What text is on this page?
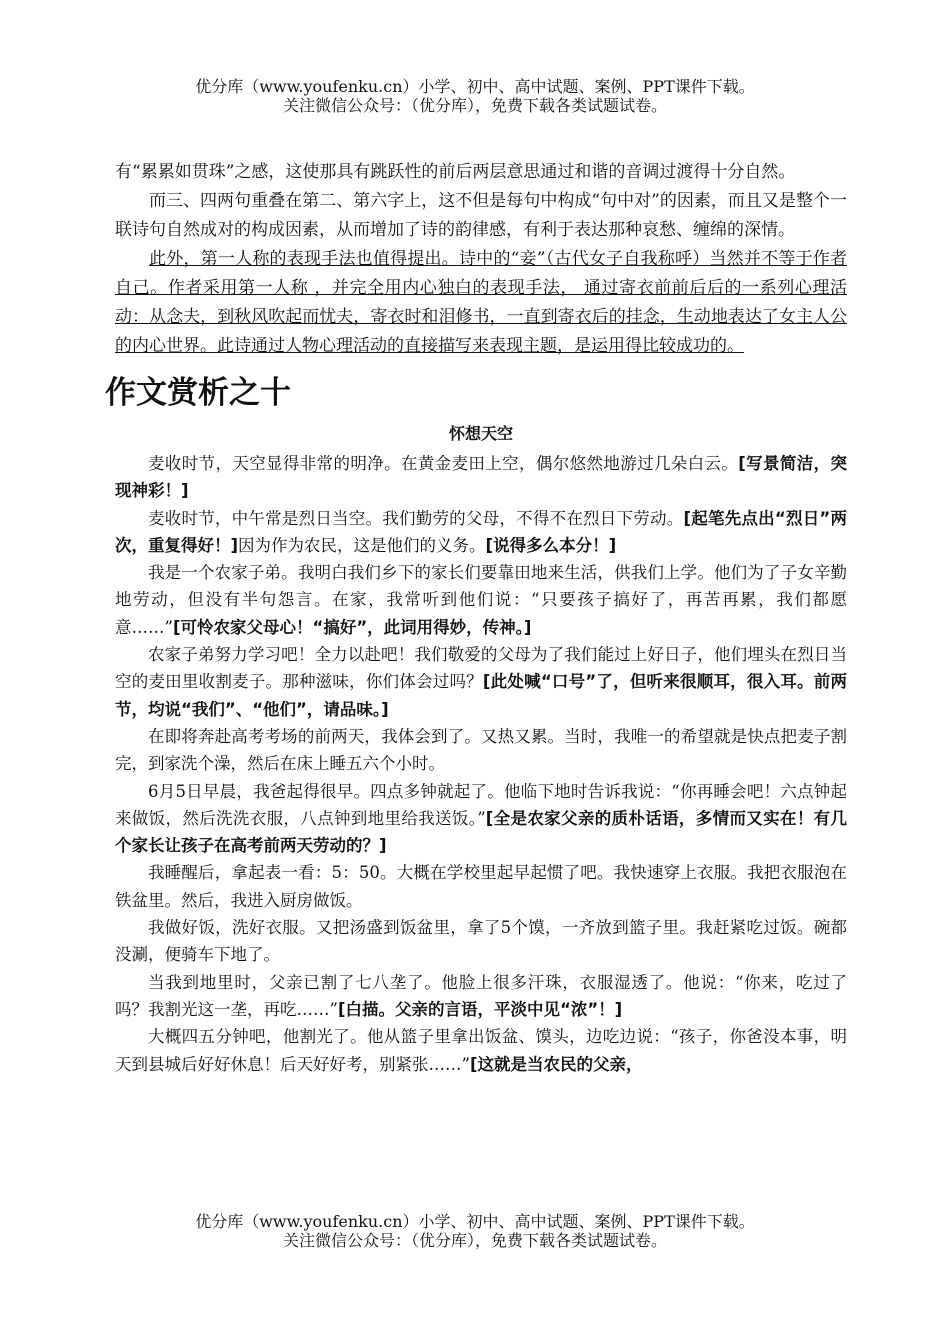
优分库（www.youfenku.cn）小学、初中、高中试题、案例、PPT课件下载。
关注微信公众号：（优分库），免费下载各类试题试卷。

有“累累如贯珠”之感，这使那具有跳跃性的前后两层意思通过和谐的音调过渡得十分自然。

而三、四两句重叠在第二、第六字上，这不但是每句中构成“句中对”的因素，而且又是整个一联诗句自然成对的构成因素，从而增加了诗的韵律感，有利于表达那种哀愁、缠绵的深情。

此外，第一人称的表现手法也值得提出。诗中的“妾”（古代女子自我称呼）当然并不等于作者自己。作者采用第一人称 ，并完全用内心独白的表现手法， 通过寄衣前前后后的一系列心理活动：从念夫，到秋风吹起而忧夫，寄衣时和泪修书，一直到寄衣后的挂念，生动地表达了女主人公的内心世界。此诗通过人物心理活动的直接描写来表现主题，是运用得比较成功的。

作文赏析之十
怀想天空

麦收时节，天空显得非常的明净。在黄金麦田上空，偶尔悠然地游过几朵白云。[写景简洁，突现神彩！]

麦收时节，中午常是烈日当空。我们勤劳的父母，不得不在烈日下劳动。[起笔先点出“烈日”两次，重复得好！]因为作为农民，这是他们的义务。[说得多么本分！]

我是一个农家子弟。我明白我们乡下的家长们要靠田地来生活，供我们上学。他们为了子女辛勤地劳动，但没有半句怨言。在家，我常听到他们说：“只要孩子搞好了，再苦再累，我们都愿意……”[可怜农家父母心！“搞好”，此词用得妙，传神。]

农家子弟努力学习吧！全力以赴吧！我们敬爱的父母为了我们能过上好日子，他们埋头在烈日当空的麦田里收割麦子。那种滋味，你们体会过吗？[此处喊“口号”了，但听来很顺耳，很入耳。前两节，均说“我们”、“他们”，请品味。]

在即将奔赴高考考场的前两天，我体会到了。又热又累。当时，我唯一的希望就是快点把麦子割完，到家洗个澡，然后在床上睡五六个小时。

6月5日早晨，我爸起得很早。四点多钟就起了。他临下地时告诉我说：“你再睡会吧！六点钟起来做饭，然后洗洗衣服，八点钟到地里给我送饭。”[全是农家父亲的质朴话语，多情而又实在！有几个家长让孩子在高考前两天劳动的？]

我睡醒后，拿起表一看：5：50。大概在学校里起早起惯了吧。我快速穿上衣服。我把衣服泡在铁盆里。然后，我进入厨房做饭。

我做好饭，洗好衣服。又把汤盛到饭盆里，拿了5个馍，一齐放到篮子里。我赶紧吃过饭。碗都没涮，便骑车下地了。

当我到地里时，父亲已割了七八垄了。他脸上很多汗珠，衣服湿透了。他说：“你来，吃过了吗？我割光这一垄，再吃……”[白描。父亲的言语，平淡中见“浓”！]

大概四五分钟吧，他割光了。他从篮子里拿出饭盆、馍头，边吃边说：“孩子，你爸没本事，明天到县城后好好休息！后天好好考，别紧张……”[这就是当农民的父亲，

优分库（www.youfenku.cn）小学、初中、高中试题、案例、PPT课件下载。
关注微信公众号：（优分库），免费下载各类试题试卷。
